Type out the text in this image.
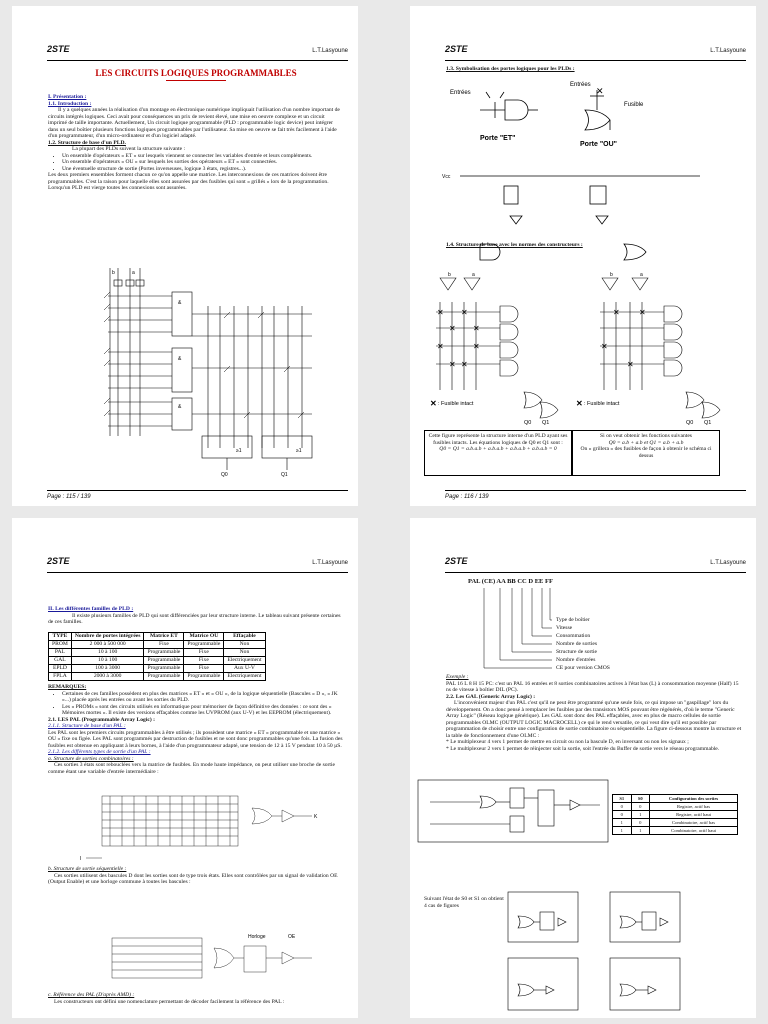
2STE	L.T.Lasyoune
LES CIRCUITS LOGIQUES PROGRAMMABLES

I. Présentation :

1.1. Introduction :

Il y a quelques années la réalisation d'un montage en électronique numérique impliquait l'utilisation d'un nombre important de circuits intégrés logiques. Ceci avait pour conséquences un prix de revient élevé, une mise en oeuvre complexe et un circuit imprimé de taille importante. Actuellement, Un circuit logique programmable (PLD : programmable logic device) peut intégrer dans un seul boîtier plusieurs fonctions logiques programmables par l'utilisateur. Sa mise en oeuvre se fait très facilement à l'aide d'un programmateur, d'un micro-ordinateur et d'un logiciel adapté.

1.2. Structure de base d'un PLD.

La plupart des PLDs suivent la structure suivante :

• Un ensemble d'opérateurs « ET » sur lesquels viennent se connecter les variables d'entrée et leurs compléments.
• Un ensemble d'opérateurs « OU » sur lesquels les sorties des opérateurs « ET » sont connectées.
• Une éventuelle structure de sortie (Portes inverseuses, logique 3 états, registres...).

Les deux premiers ensembles forment chacun ce qu'on appelle une matrice. Les interconnexions de ces matrices doivent être programmables. C'est la raison pour laquelle elles sont assurées par des fusibles qui sont « grillés » lors de la programmation. Lorsqu'un PLD est vierge toutes les connexions sont assurées.

b	a
&
&
&
≥1	≥1
Q0	Q1
Page : 115 / 139
2STE	L.T.Lasyoune

1.3. Symbolisation des portes logiques pour les PLDs :

Entrées
Entrées
Fusible
Porte "ET"
Porte "OU"
Vcc
✕

1.4. Structure de base avec les normes des constructeurs :

✕ ✕
✕ ✕
✕	✕
✕ ✕
✕ ✕
✕
✕
b	a	b	a
✕ : Fusible intact	✕ : Fusible intact
Q0 Q1	Q0 Q1
Cette figure représente la structure interne d'un PLD ayant ses fusibles intacts. Les équations logiques de Q0 et Q1 sont :
Q0 = Q1 = a.b.a.b + a.b.a.b + a.b.a.b + a.b.a.b = 0
Si on veut obtenir les fonctions suivantes
Q0 = a.b + a.b et Q1 = a.b + a.b
On « grillera » des fusibles de façon à obtenir le schéma ci dessus
Page : 116 / 139
2STE	L.T.Lasyoune

II. Les différentes familles de PLD :

Il existe plusieurs familles de PLD qui sont différenciées par leur structure interne. Le tableau suivant présente certaines de ces familles.

TYPE	Nombre de portes intégrées	Matrice ET	Matrice OU	Effaçable
PROM	2 000 à 500 000	Fixe	Programmable	Non
PAL	10 à 100	Programmable	Fixe	Non
GAL	10 à 100	Programmable	Fixe	Electriquement
EPLD	100 à 3000	Programmable	Fixe	Aux U-V
FPLA	2000 à 3000	Programmable	Programmable	Electriquement

REMARQUES:

• Certaines de ces familles possèdent en plus des matrices « ET » et « OU », de la logique séquentielle (Bascules « D », « JK »...) placée après les entrées ou avant les sorties du PLD.
• Les « PROMs » sont des circuits utilisés en informatique pour mémoriser de façon définitive des données : ce sont des « Mémoires mortes ». Il existe des versions effaçables comme les UVPROM (aux U-V) et les EEPROM (électriquement).

2.1. LES PAL (Programmable Array Logic) :

2.1.1. Structure de base d'un PAL :

Les PAL sont les premiers circuits programmables à être utilisés ; ils possèdent une matrice « ET » programmable et une matrice « OU » fixe ou figée. Les PAL sont programmés par destruction de fusibles et ne sont donc programmables qu'une fois. La fusion des fusibles est obtenue en appliquant à leurs bornes, à l'aide d'un programmateur adapté, une tension de 12 à 15 V pendant 10 à 50 µS.

2.1.2. Les différents types de sortie d'un PAL :

a. Structure de sorties combinatoires :

Ces sorties 3 états sont rebouclées vers la matrice de fusibles. En mode haute impédance, on peut utiliser une broche de sortie comme étant une variable d'entrée intermédiaire :

K
I
Horloge	OE

b. Structure de sortie séquentielle :

Ces sorties utilisent des bascules D dont les sorties sont de type trois états. Elles sont contrôlées par un signal de validation OE (Output Enable) et une horloge commune à toutes les bascules :

c. Référence des PAL (D'après AMD) :

Les constructeurs ont défini une nomenclature permettant de décoder facilement la référence des PAL :

2STE	L.T.Lasyoune
PAL (CE) AA BB CC D EE FF
Type de boîtier
Vitesse
Consommation
Nombre de sorties
Structure de sortie
Nombre d'entrées
CE pour version CMOS

Exemple :

PAL 16 L 8 H 15 PC: c'est un PAL 16 entrées et 8 sorties combinatoires actives à l'état bas (L) à consommation moyenne (Half) 15 ns de vitesse à boîtier DIL (PC).

2.2. Les GAL (Generic Array Logic) :

L'inconvénient majeur d'un PAL c'est qu'il ne peut être programmé qu'une seule fois, ce qui impose un "gaspillage" lors du développement. On a donc pensé à remplacer les fusibles par des transistors MOS pouvant être régénérés, d'où le terme "Generic Array Logic" (Réseau logique générique). Les GAL sont donc des PAL effaçables, avec en plus de macro cellules de sortie programmables OLMC (OUTPUT LOGIC MACROCELL) ce qui le rend versatile, ce qui veut dire qu'il est possible par programmation de choisir entre une configuration de sortie combinatoire ou séquentielle. La figure ci-dessous montre la structure et la table de fonctionnement d'une OLMC :

* Le multiplexeur 4 vers 1 permet de mettre en circuit ou non la bascule D, en inversant ou non les signaux ;

* Le multiplexeur 2 vers 1 permet de réinjecter soit la sortie, soit l'entrée du Buffer de sortie vers le réseau programmable.

S1	S0	Configuration des sorties
0	0	Registre, actif bas
0	1	Registre, actif haut
1	0	Combinatoire, actif bas
1	1	Combinatoire, actif haut

Suivant l'état de S0 et S1 on obtient 4 cas de figures
